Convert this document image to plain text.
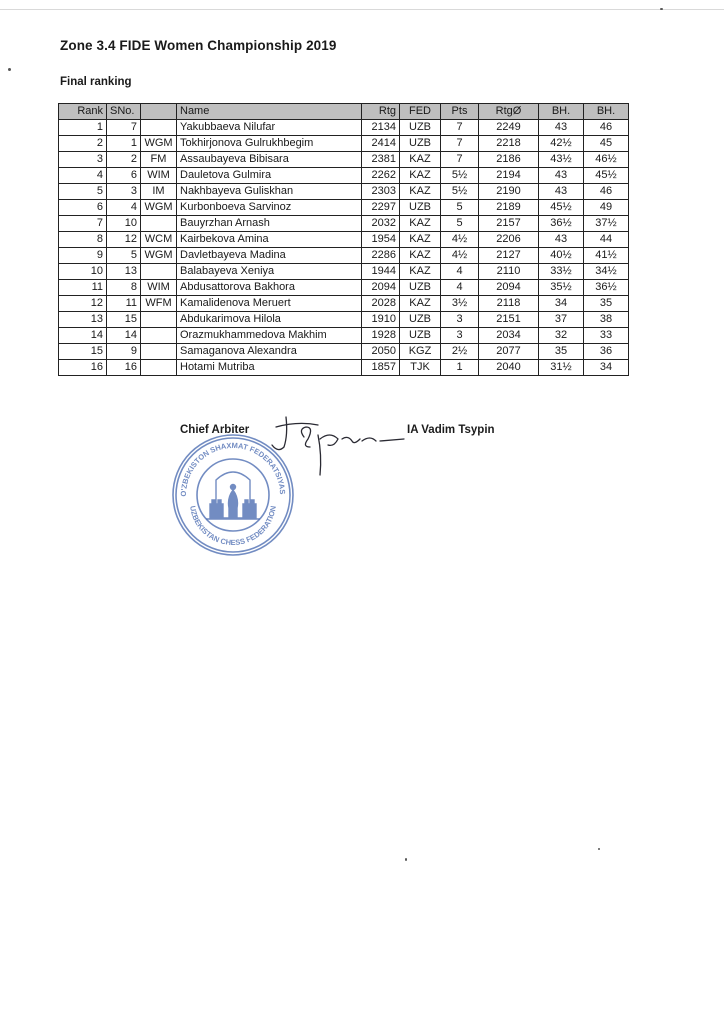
Zone 3.4 FIDE Women Championship 2019

Final ranking

Rank	SNo.		Name	Rtg	FED	Pts	RtgØ	BH.	BH.
1	7		Yakubbaeva Nilufar	2134	UZB	7	2249	43	46
2	1	WGM	Tokhirjonova Gulrukhbegim	2414	UZB	7	2218	42½	45
3	2	FM	Assaubayeva Bibisara	2381	KAZ	7	2186	43½	46½
4	6	WIM	Dauletova Gulmira	2262	KAZ	5½	2194	43	45½
5	3	IM	Nakhbayeva Guliskhan	2303	KAZ	5½	2190	43	46
6	4	WGM	Kurbonboeva Sarvinoz	2297	UZB	5	2189	45½	49
7	10		Bauyrzhan Arnash	2032	KAZ	5	2157	36½	37½
8	12	WCM	Kairbekova Amina	1954	KAZ	4½	2206	43	44
9	5	WGM	Davletbayeva Madina	2286	KAZ	4½	2127	40½	41½
10	13		Balabayeva Xeniya	1944	KAZ	4	2110	33½	34½
11	8	WIM	Abdusattorova Bakhora	2094	UZB	4	2094	35½	36½
12	11	WFM	Kamalidenova Meruert	2028	KAZ	3½	2118	34	35
13	15		Abdukarimova Hilola	1910	UZB	3	2151	37	38
14	14		Orazmukhammedova Makhim	1928	UZB	3	2034	32	33
15	9		Samaganova Alexandra	2050	KGZ	2½	2077	35	36
16	16		Hotami Mutriba	1857	TJK	1	2040	31½	34
Chief Arbiter	IA Vadim Tsypin
O'ZBEKISTON SHAXMAT FEDERATSIYAS
UZBEKISTAN CHESS FEDERATION
